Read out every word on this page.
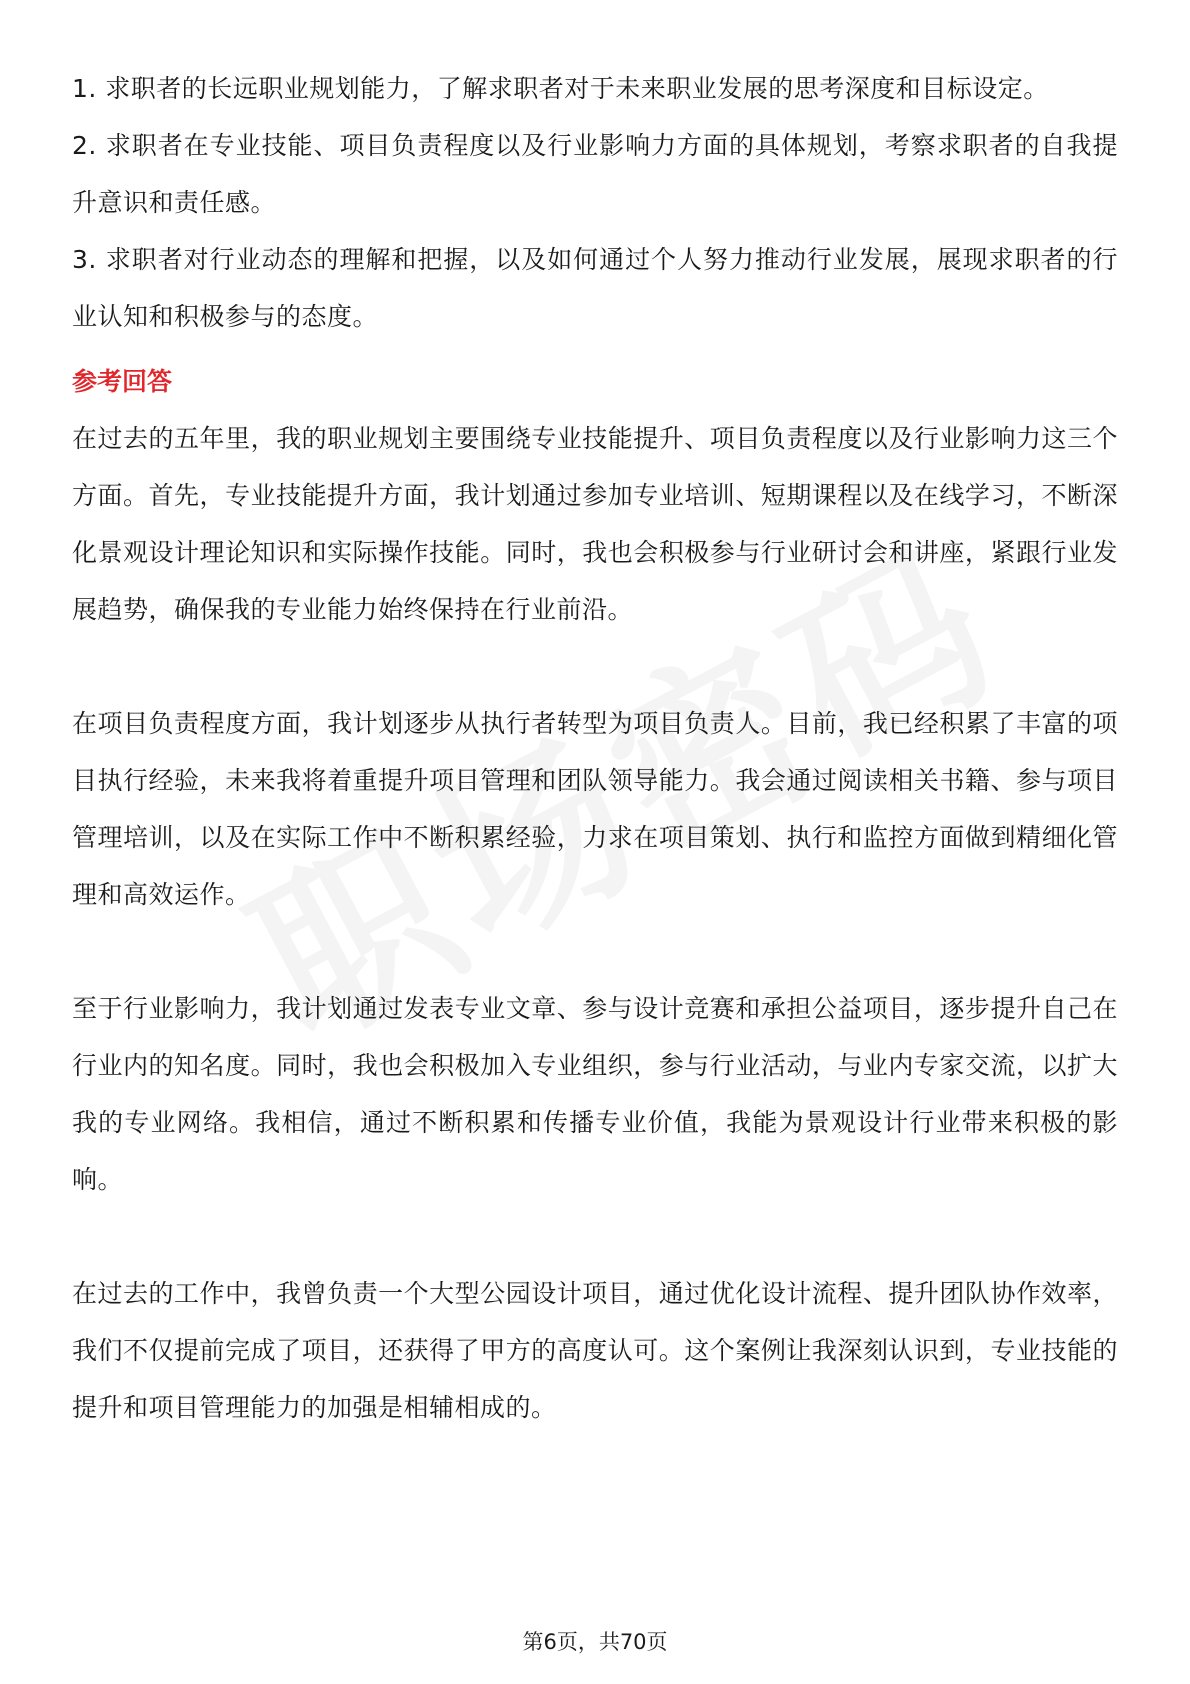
1. 求职者的长远职业规划能力，了解求职者对于未来职业发展的思考深度和目标设定。

2. 求职者在专业技能、项目负责程度以及行业影响力方面的具体规划，考察求职者的自我提升意识和责任感。

3. 求职者对行业动态的理解和把握，以及如何通过个人努力推动行业发展，展现求职者的行业认知和积极参与的态度。

参考回答

在过去的五年里，我的职业规划主要围绕专业技能提升、项目负责程度以及行业影响力这三个方面。首先，专业技能提升方面，我计划通过参加专业培训、短期课程以及在线学习，不断深化景观设计理论知识和实际操作技能。同时，我也会积极参与行业研讨会和讲座，紧跟行业发展趋势，确保我的专业能力始终保持在行业前沿。

在项目负责程度方面，我计划逐步从执行者转型为项目负责人。目前，我已经积累了丰富的项目执行经验，未来我将着重提升项目管理和团队领导能力。我会通过阅读相关书籍、参与项目管理培训，以及在实际工作中不断积累经验，力求在项目策划、执行和监控方面做到精细化管理和高效运作。

至于行业影响力，我计划通过发表专业文章、参与设计竞赛和承担公益项目，逐步提升自己在行业内的知名度。同时，我也会积极加入专业组织，参与行业活动，与业内专家交流，以扩大我的专业网络。我相信，通过不断积累和传播专业价值，我能为景观设计行业带来积极的影响。

在过去的工作中，我曾负责一个大型公园设计项目，通过优化设计流程、提升团队协作效率，我们不仅提前完成了项目，还获得了甲方的高度认可。这个案例让我深刻认识到，专业技能的提升和项目管理能力的加强是相辅相成的。

第6页，共70页
